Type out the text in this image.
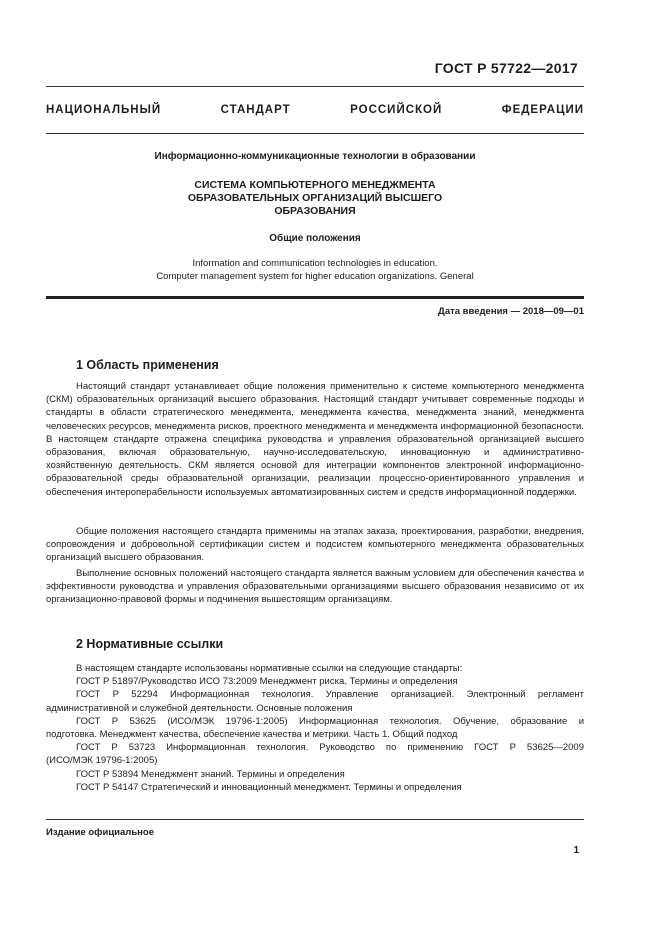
ГОСТ Р 57722—2017
НАЦИОНАЛЬНЫЙ СТАНДАРТ РОССИЙСКОЙ ФЕДЕРАЦИИ
Информационно-коммуникационные технологии в образовании
СИСТЕМА КОМПЬЮТЕРНОГО МЕНЕДЖМЕНТА
ОБРАЗОВАТЕЛЬНЫХ ОРГАНИЗАЦИЙ ВЫСШЕГО
ОБРАЗОВАНИЯ
Общие положения
Information and communication technologies in education.
Computer management system for higher education organizations. General
Дата введения — 2018—09—01
1 Область применения
Настоящий стандарт устанавливает общие положения применительно к системе компьютерного менеджмента (СКМ) образовательных организаций высшего образования. Настоящий стандарт учитывает современные подходы и стандарты в области стратегического менеджмента, менеджмента качества, менеджмента знаний, менеджмента человеческих ресурсов, менеджмента рисков, проектного менеджмента и менеджмента информационной безопасности. В настоящем стандарте отражена специфика руководства и управления образовательной организацией высшего образования, включая образовательную, научно-исследовательскую, инновационную и административно-хозяйственную деятельность. СКМ является основой для интеграции компонентов электронной информационно-образовательной среды образовательной организации, реализации процессно-ориентированного управления и обеспечения интероперабельности используемых автоматизированных систем и средств информационной поддержки.
Общие положения настоящего стандарта применимы на этапах заказа, проектирования, разработки, внедрения, сопровождения и добровольной сертификации систем и подсистем компьютерного менеджмента образовательных организаций высшего образования.
Выполнение основных положений настоящего стандарта является важным условием для обеспечения качества и эффективности руководства и управления образовательными организациями высшего образования независимо от их организационно-правовой формы и подчинения вышестоящим организациям.
2 Нормативные ссылки
В настоящем стандарте использованы нормативные ссылки на следующие стандарты:
ГОСТ Р 51897/Руководство ИСО 73:2009 Менеджмент риска. Термины и определения
ГОСТ Р 52294 Информационная технология. Управление организацией. Электронный регламент
административной и служебной деятельности. Основные положения
ГОСТ Р 53625 (ИСО/МЭК 19796-1:2005) Информационная технология. Обучение, образование и
подготовка. Менеджмент качества, обеспечение качества и метрики. Часть 1. Общий подход
ГОСТ Р 53723 Информационная технология. Руководство по применению ГОСТ Р 53625—2009
(ИСО/МЭК 19796-1:2005)
ГОСТ Р 53894 Менеджмент знаний. Термины и определения
ГОСТ Р 54147 Стратегический и инновационный менеджмент. Термины и определения
Издание официальное
1
